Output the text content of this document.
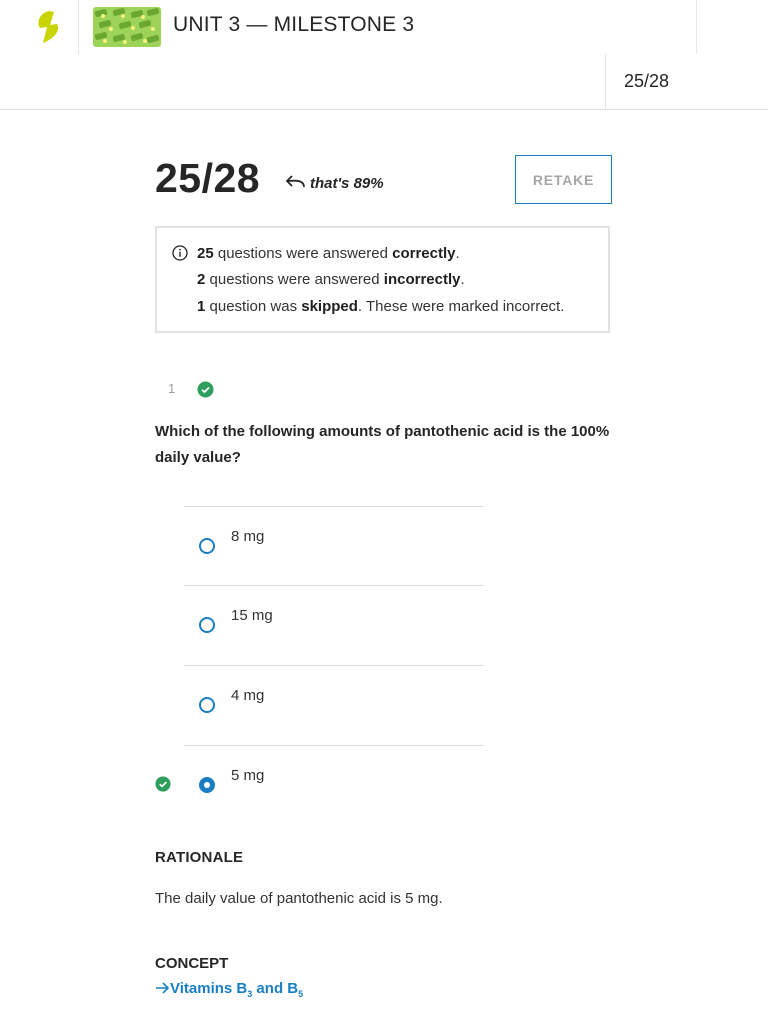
UNIT 3 — MILESTONE 3
25/28
25/28	that's 89%	RETAKE
25 questions were answered correctly.
2 questions were answered incorrectly.
1 question was skipped. These were marked incorrect.
1
Which of the following amounts of pantothenic acid is the 100% daily value?
8 mg
15 mg
4 mg
5 mg
RATIONALE
The daily value of pantothenic acid is 5 mg.
CONCEPT
Vitamins $B_3$ and $B_5$
